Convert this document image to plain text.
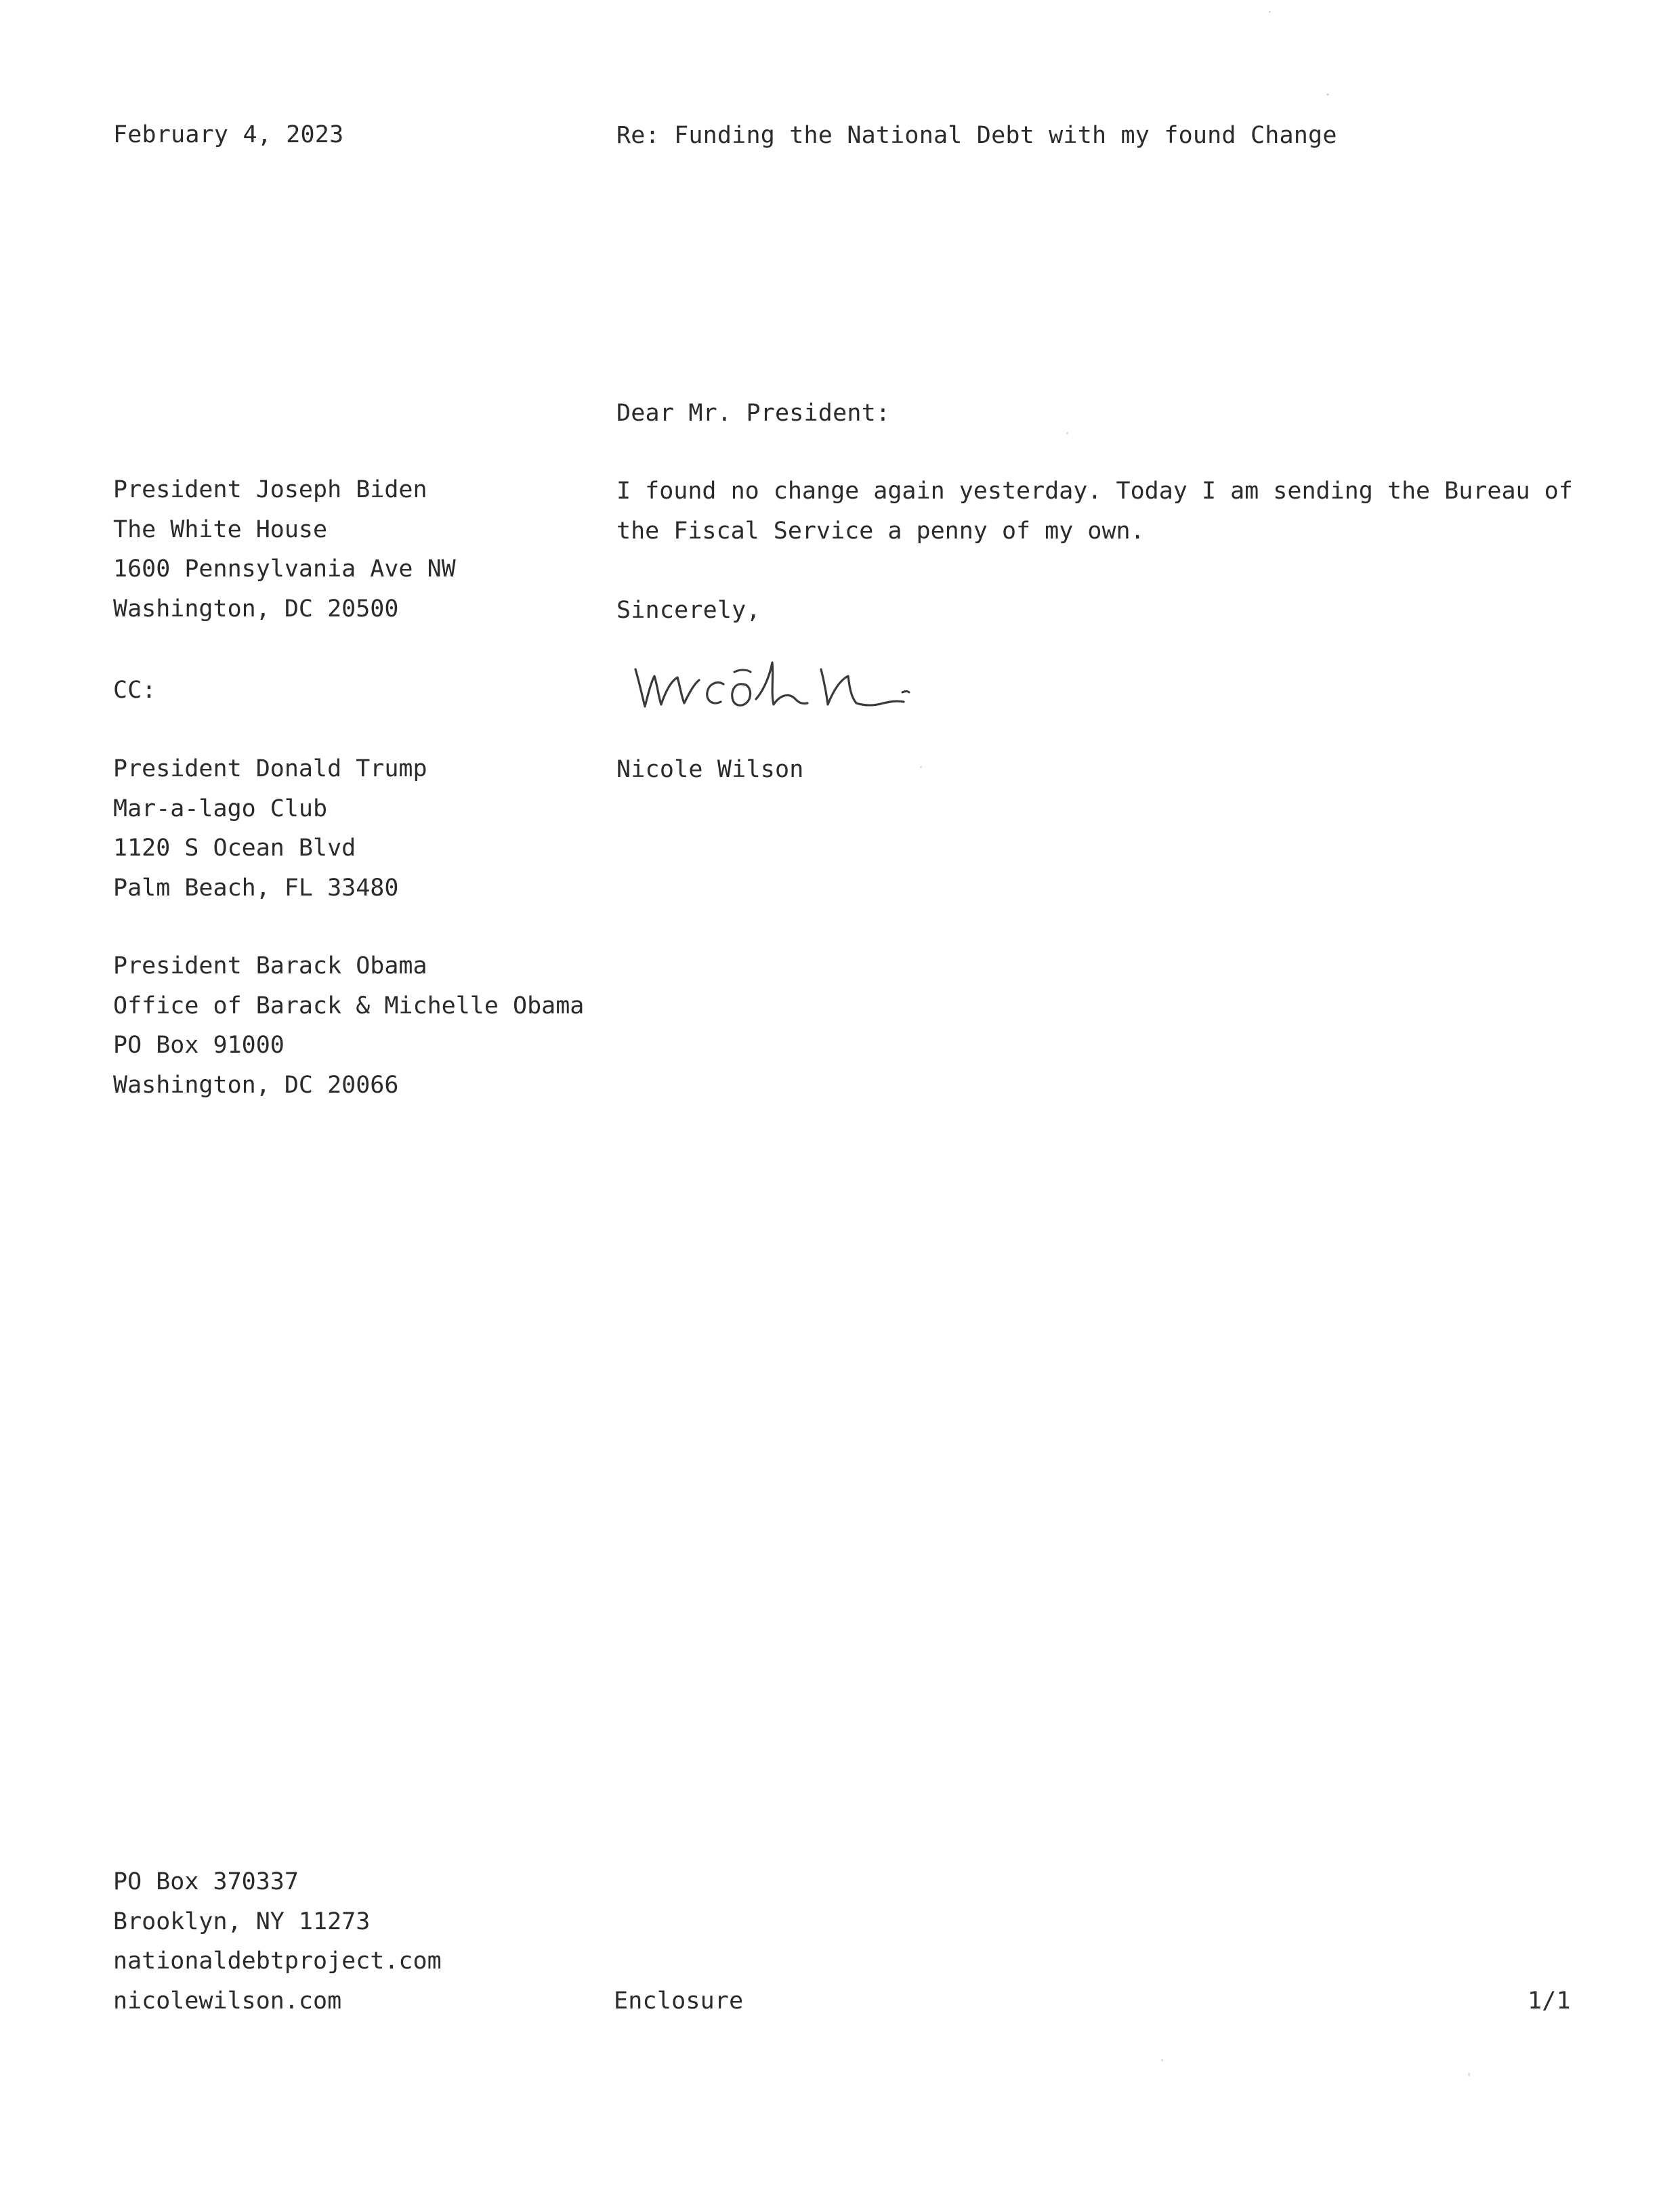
February 4, 2023	Re: Funding the National Debt with my found Change
Dear Mr. President:
President Joseph Biden
The White House
1600 Pennsylvania Ave NW
Washington, DC 20500
I found no change again yesterday. Today I am sending the Bureau of
the Fiscal Service a penny of my own.
Sincerely,
Nicole Wilson
CC:
President Donald Trump
Mar-a-lago Club
1120 S Ocean Blvd
Palm Beach, FL 33480
President Barack Obama
Office of Barack & Michelle Obama
PO Box 91000
Washington, DC 20066
PO Box 370337
Brooklyn, NY 11273
nationaldebtproject.com
nicolewilson.com	Enclosure	1/1
